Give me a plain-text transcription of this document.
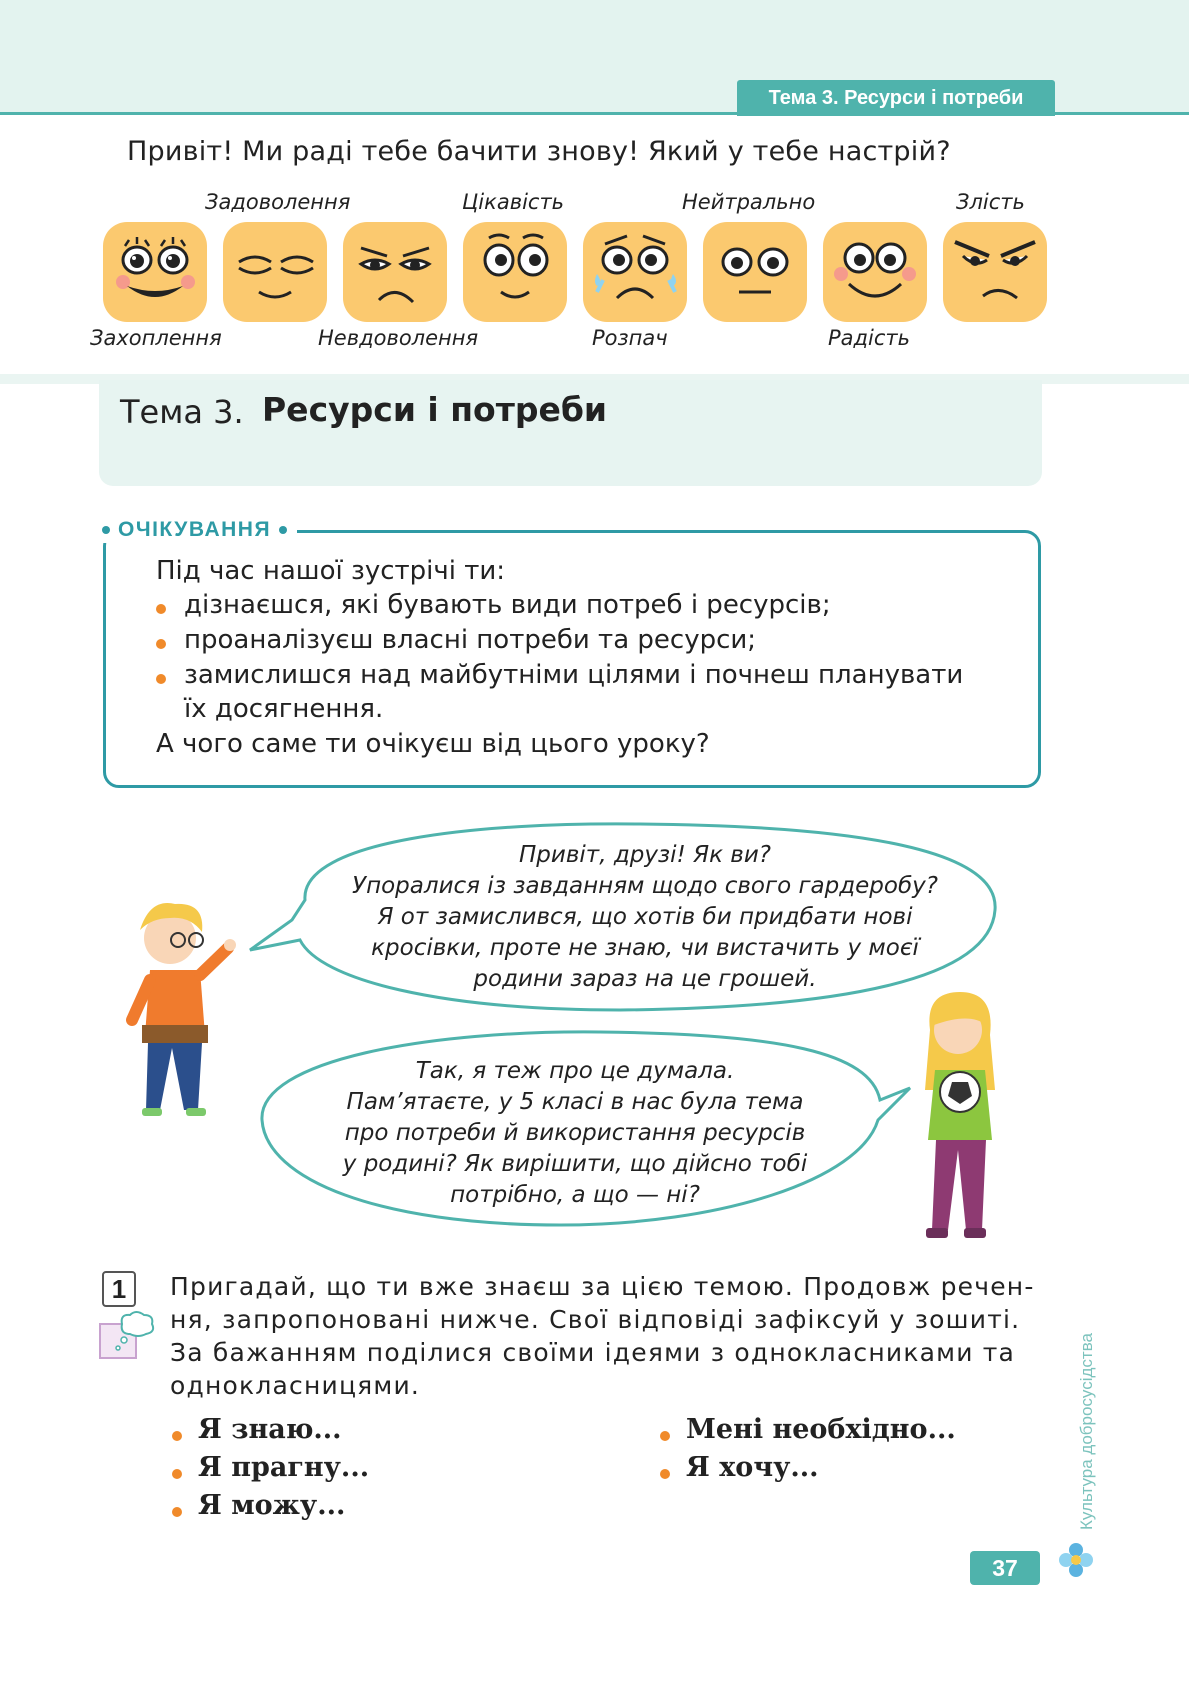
Тема 3. Ресурси і потреби
Привіт! Ми раді тебе бачити знову! Який у тебе настрій?
Захоплення
Задоволення
Невдоволення
Цікавість
Розпач
Нейтрально
Радість
Злість
Тема 3. Ресурси і потреби
ОЧІКУВАННЯ
Під час нашої зустрічі ти:
дізнаєшся, які бувають види потреб і ресурсів;
проаналізуєш власні потреби та ресурси;
замислишся над майбутніми цілями і почнеш планувати
їх досягнення.
А чого саме ти очікуєш від цього уроку?
Привіт, друзі! Як ви?
Упоралися із завданням щодо свого гардеробу?
Я от замислився, що хотів би придбати нові
кросівки, проте не знаю, чи вистачить у моєї
родини зараз на це грошей.
Так, я теж про це думала.
Пам’ятаєте, у 5 класі в нас була тема
про потреби й використання ресурсів
у родині? Як вирішити, що дійсно тобі
потрібно, а що — ні?
1	Пригадай, що ти вже знаєш за цією темою. Продовж речен-
ня, запропоновані нижче. Свої відповіді зафіксуй у зошиті.
За бажанням поділися своїми ідеями з однокласниками та
однокласницями.
Я знаю...
Я прагну...
Я можу...
Мені необхідно...
Я хочу...	Культура добросусідства
37
